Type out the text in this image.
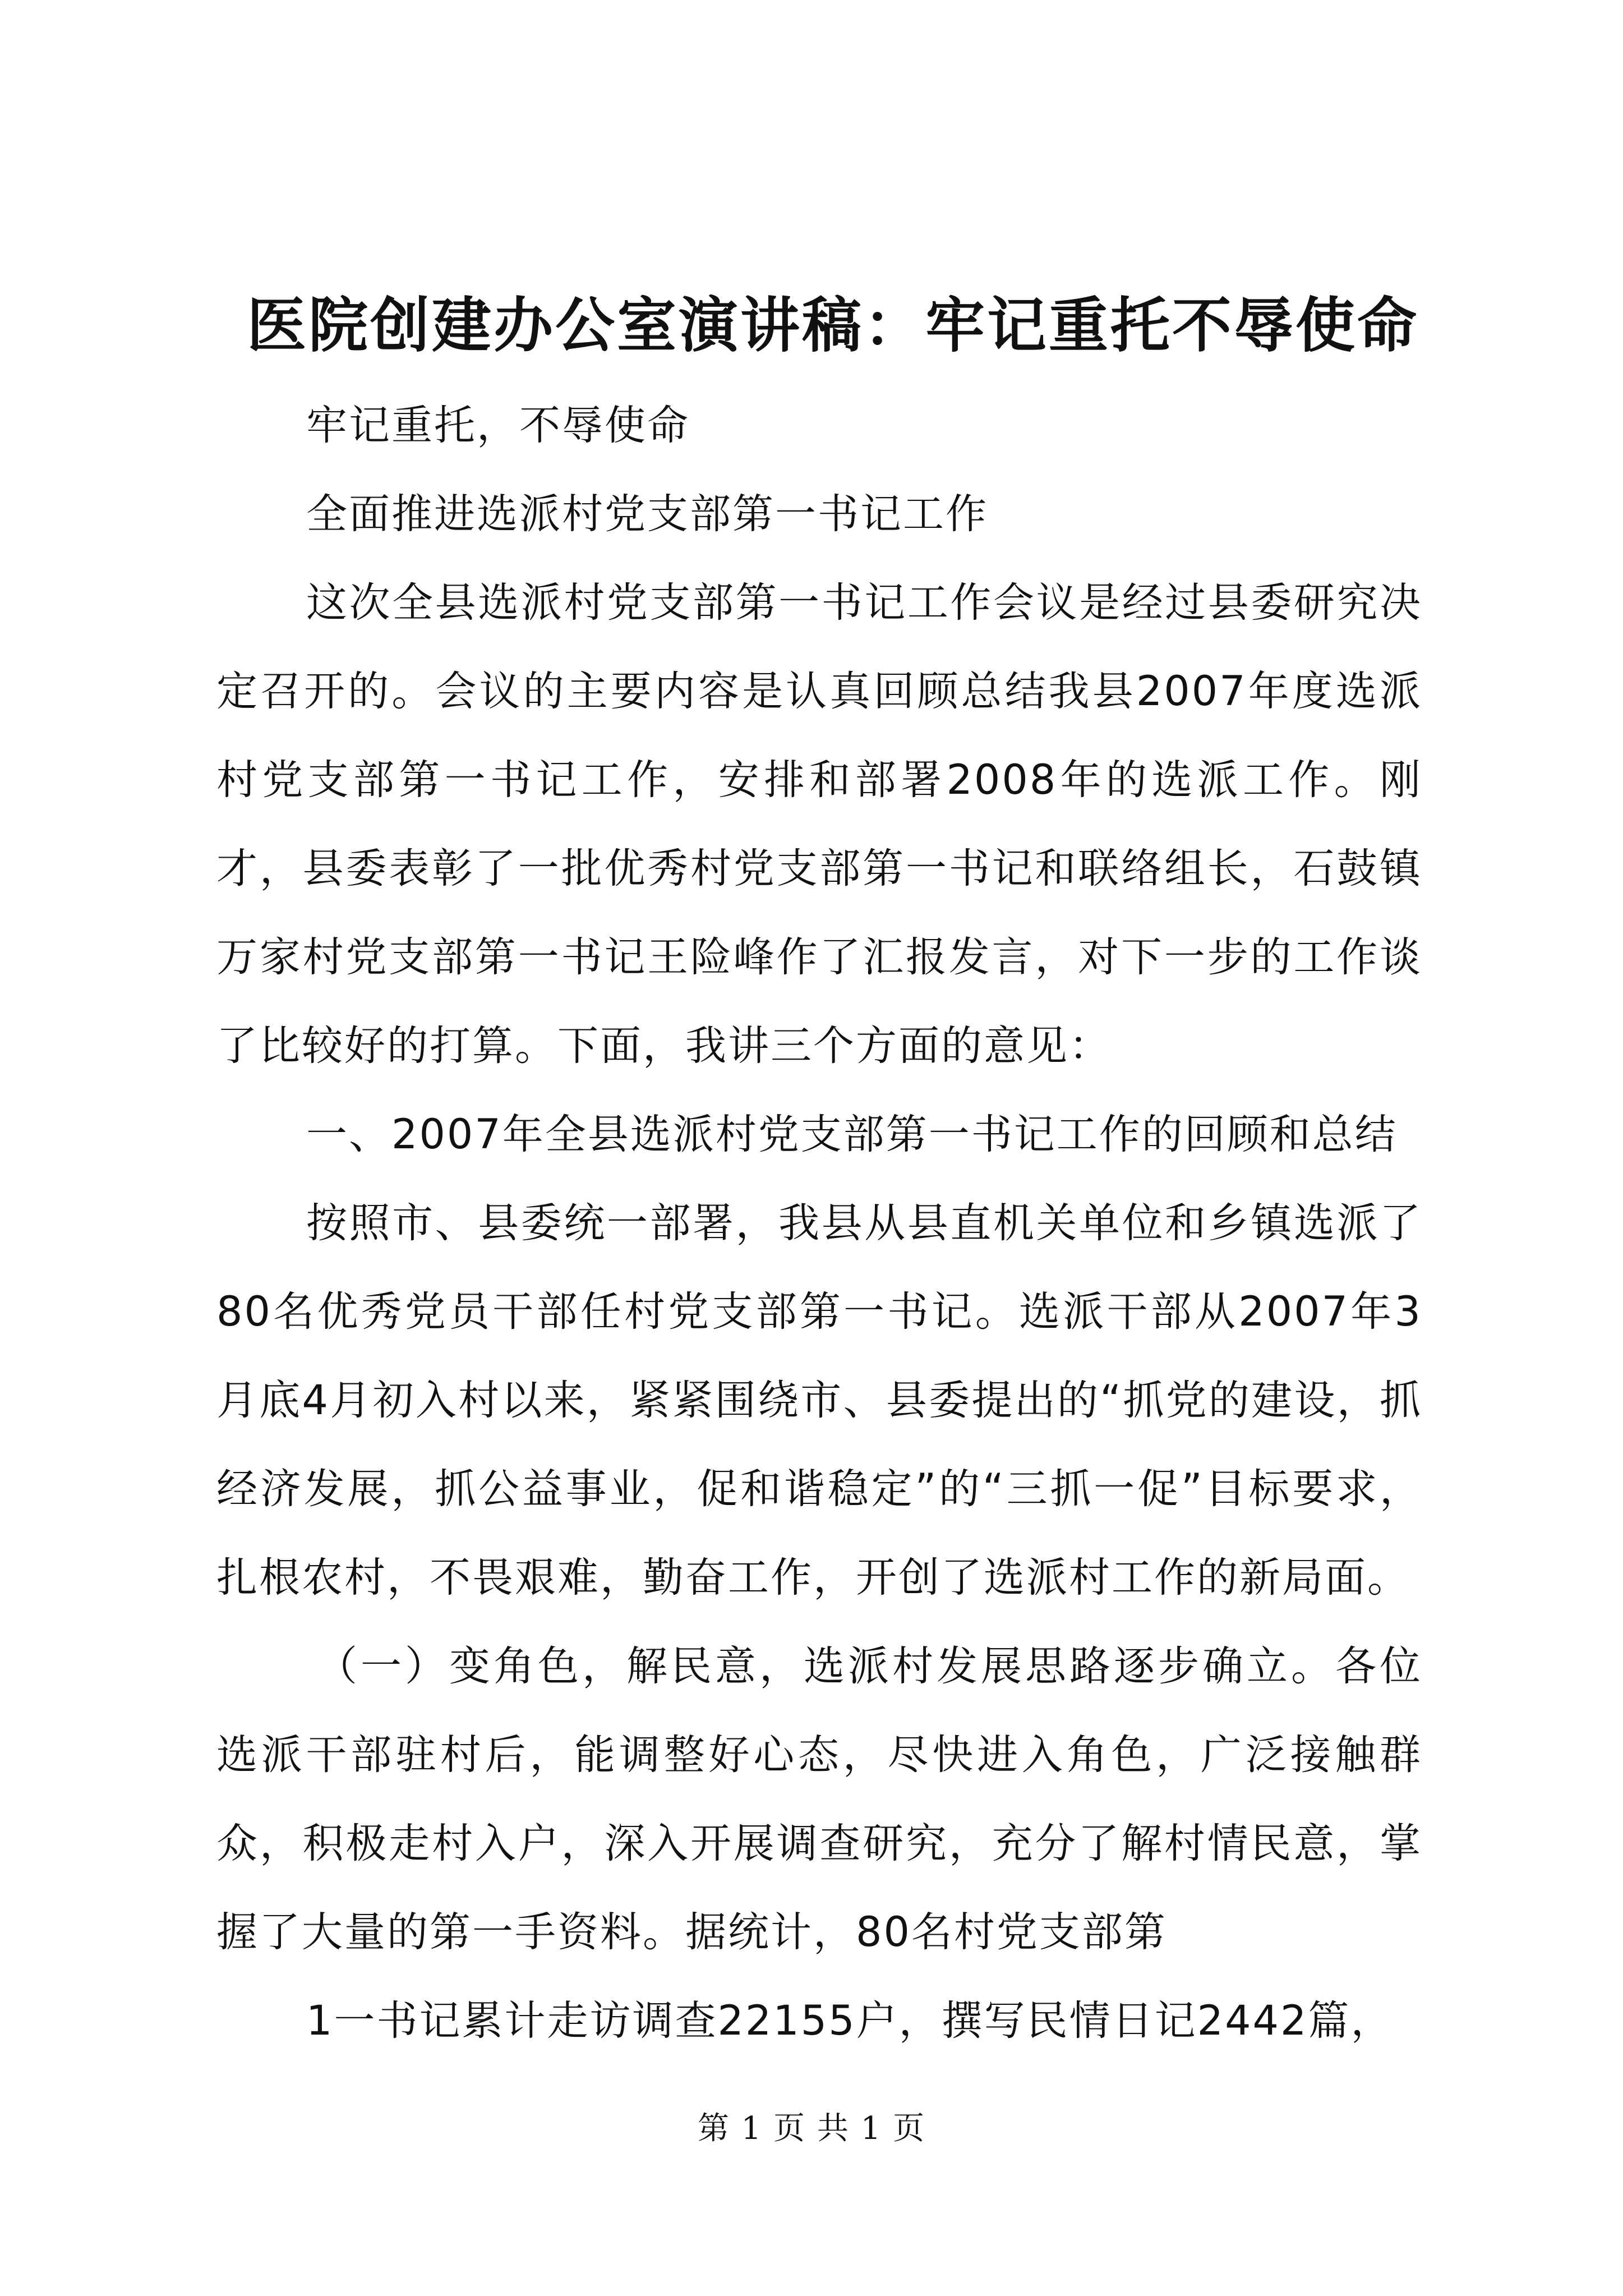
医院创建办公室演讲稿：牢记重托不辱使命

牢记重托，不辱使命

全面推进选派村党支部第一书记工作

这次全县选派村党支部第一书记工作会议是经过县委研究决定召开的。会议的主要内容是认真回顾总结我县2007年度选派村党支部第一书记工作，安排和部署2008年的选派工作。刚才，县委表彰了一批优秀村党支部第一书记和联络组长，石鼓镇万家村党支部第一书记王险峰作了汇报发言，对下一步的工作谈了比较好的打算。下面，我讲三个方面的意见：

一、2007年全县选派村党支部第一书记工作的回顾和总结

按照市、县委统一部署，我县从县直机关单位和乡镇选派了80名优秀党员干部任村党支部第一书记。选派干部从2007年3月底4月初入村以来，紧紧围绕市、县委提出的“抓党的建设，抓经济发展，抓公益事业，促和谐稳定”的“三抓一促”目标要求，扎根农村，不畏艰难，勤奋工作，开创了选派村工作的新局面。

（一）变角色，解民意，选派村发展思路逐步确立。各位选派干部驻村后，能调整好心态，尽快进入角色，广泛接触群众，积极走村入户，深入开展调查研究，充分了解村情民意，掌握了大量的第一手资料。据统计，80名村党支部第

1一书记累计走访调查22155户，撰写民情日记2442篇，

第 1 页 共 1 页
